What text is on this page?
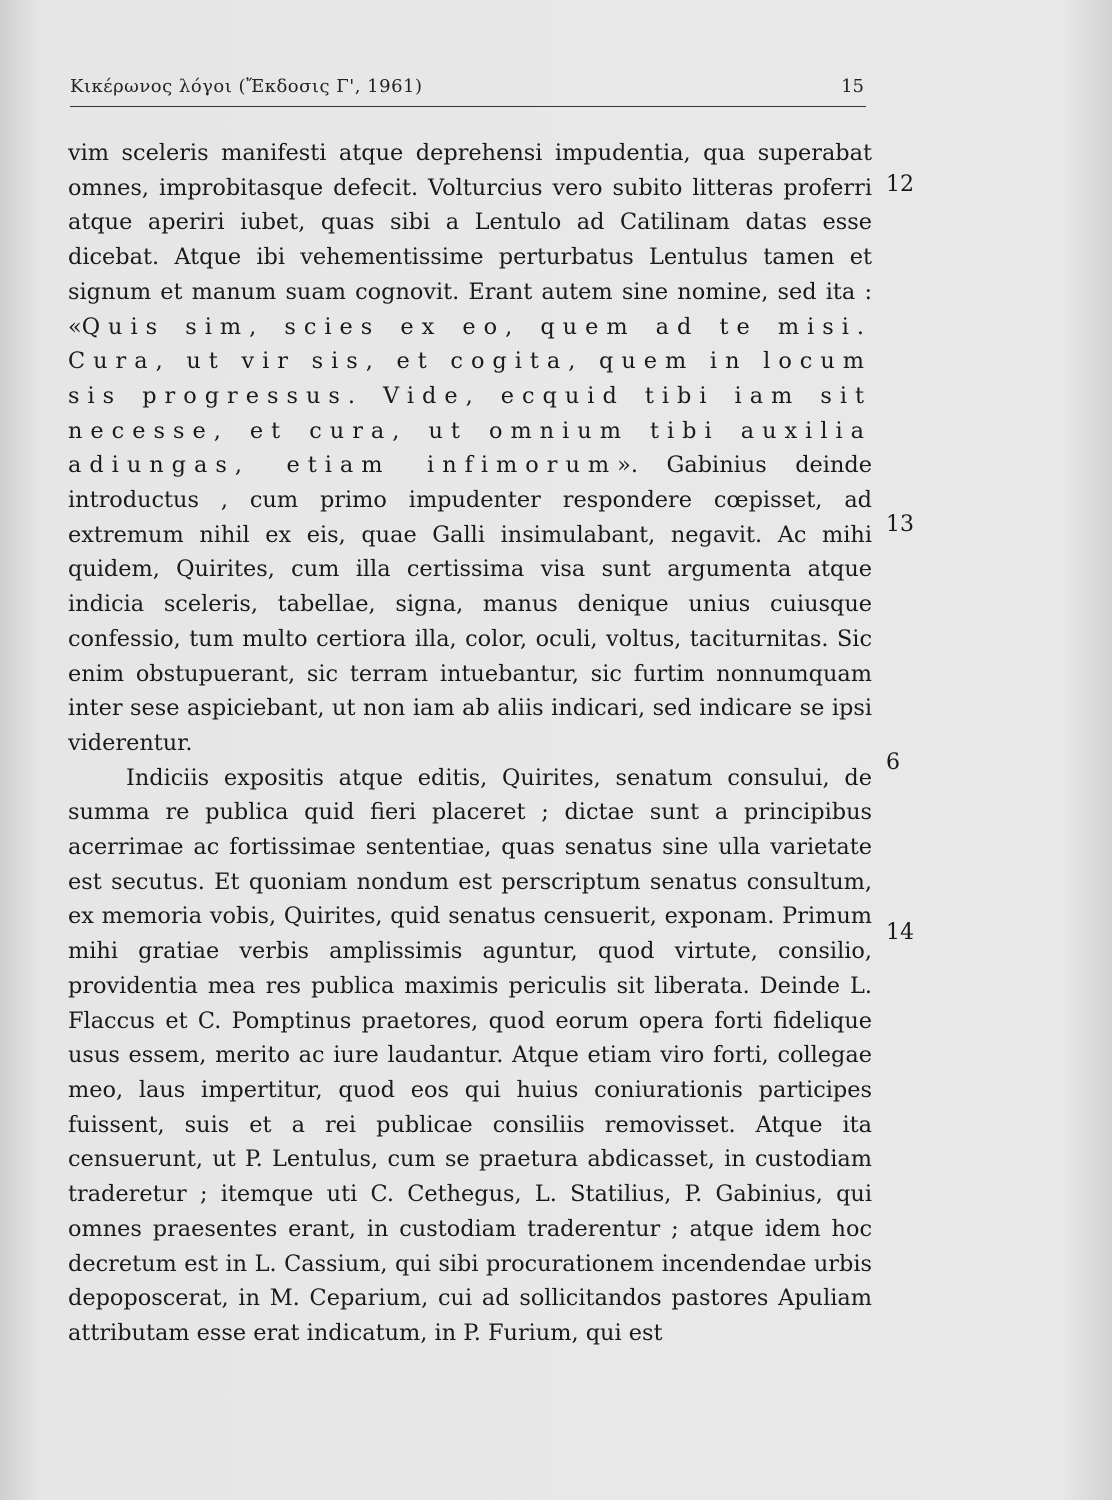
Κικέρωνος λόγοι (Ἔκδοσις Γ', 1961)	15

vim sceleris manifesti atque deprehensi impudentia, qua superabat omnes, improbitasque defecit. Volturcius vero subito litteras proferri atque aperiri iubet, quas sibi a Lentulo ad Catilinam datas esse dicebat. Atque ibi vehementissime perturbatus Lentulus tamen et signum et manum suam cognovit. Erant autem sine nomine, sed ita : «Quis sim, scies ex eo, quem ad te misi. Cura, ut vir sis, et cogita, quem in locum sis progressus. Vide, ecquid tibi iam sit necesse, et cura, ut omnium tibi auxilia adiungas, etiam infimorum». Gabinius deinde introductus , cum primo impudenter respondere cœpisset, ad extremum nihil ex eis, quae Galli insimulabant, negavit. Ac mihi quidem, Quirites, cum illa certissima visa sunt argumenta atque indicia sceleris, tabellae, signa, manus denique unius cuiusque confessio, tum multo certiora illa, color, oculi, voltus, taciturnitas. Sic enim obstupuerant, sic terram intuebantur, sic furtim nonnumquam inter sese aspiciebant, ut non iam ab aliis indicari, sed indicare se ipsi viderentur.

Indiciis expositis atque editis, Quirites, senatum consului, de summa re publica quid fieri placeret ; dictae sunt a principibus acerrimae ac fortissimae sententiae, quas senatus sine ulla varietate est secutus. Et quoniam nondum est perscriptum senatus consultum, ex memoria vobis, Quirites, quid senatus censuerit, exponam. Primum mihi gratiae verbis amplissimis aguntur, quod virtute, consilio, providentia mea res publica maximis periculis sit liberata. Deinde L. Flaccus et C. Pomptinus praetores, quod eorum opera forti fidelique usus essem, merito ac iure laudantur. Atque etiam viro forti, collegae meo, laus impertitur, quod eos qui huius coniurationis participes fuissent, suis et a rei publicae consiliis removisset. Atque ita censuerunt, ut P. Lentulus, cum se praetura abdicasset, in custodiam traderetur ; itemque uti C. Cethegus, L. Statilius, P. Gabinius, qui omnes praesentes erant, in custodiam traderentur ; atque idem hoc decretum est in L. Cassium, qui sibi procurationem incendendae urbis depoposcerat, in M. Ceparium, cui ad sollicitandos pastores Apuliam attributam esse erat indicatum, in P. Furium, qui est

12
13
6
14
